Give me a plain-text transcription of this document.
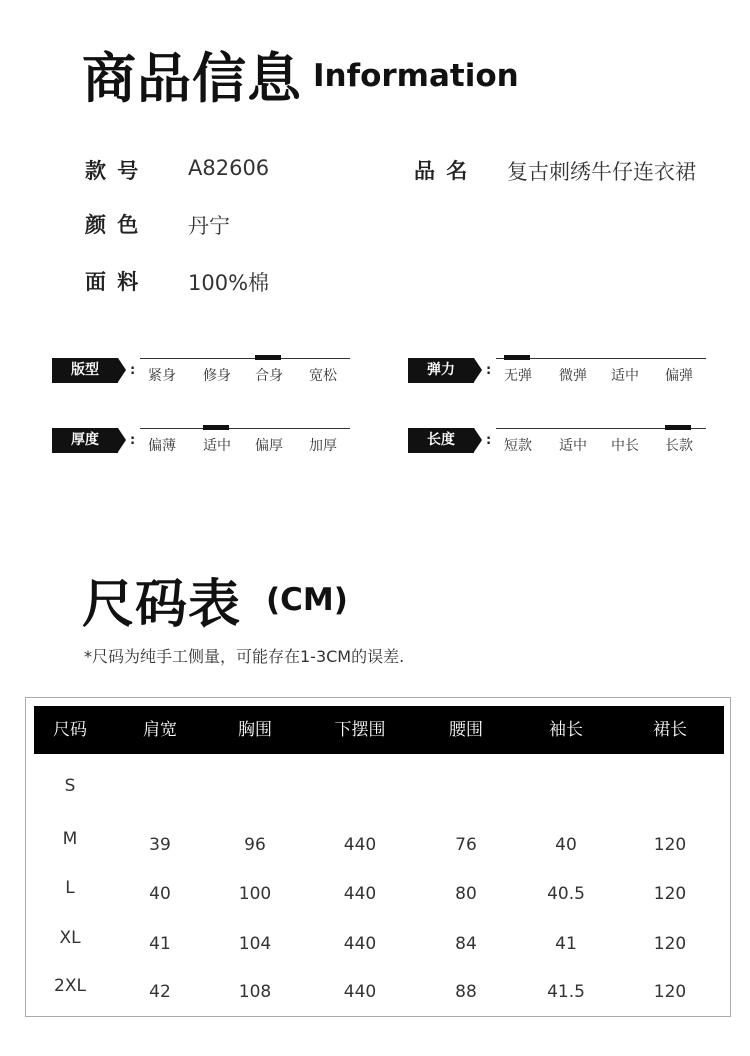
商品信息 Information
款 号 A82606	品 名 复古刺绣牛仔连衣裙
颜 色 丹宁
面 料 100%棉
版型	: 紧身 修身 合身 宽松	弹力	: 无弹 微弹 适中 偏弹
厚度	: 偏薄 适中 偏厚 加厚	长度	: 短款 适中 中长 长款
尺码表 (CM)
*尺码为纯手工侧量，可能存在1-3CM的误差.
尺码	肩宽	胸围	下摆围	腰围	袖长	裙长
S
M	39	96	440	76	40	120
L	40	100	440	80	40.5	120
XL	41	104	440	84	41	120
2XL	42	108	440	88	41.5	120
